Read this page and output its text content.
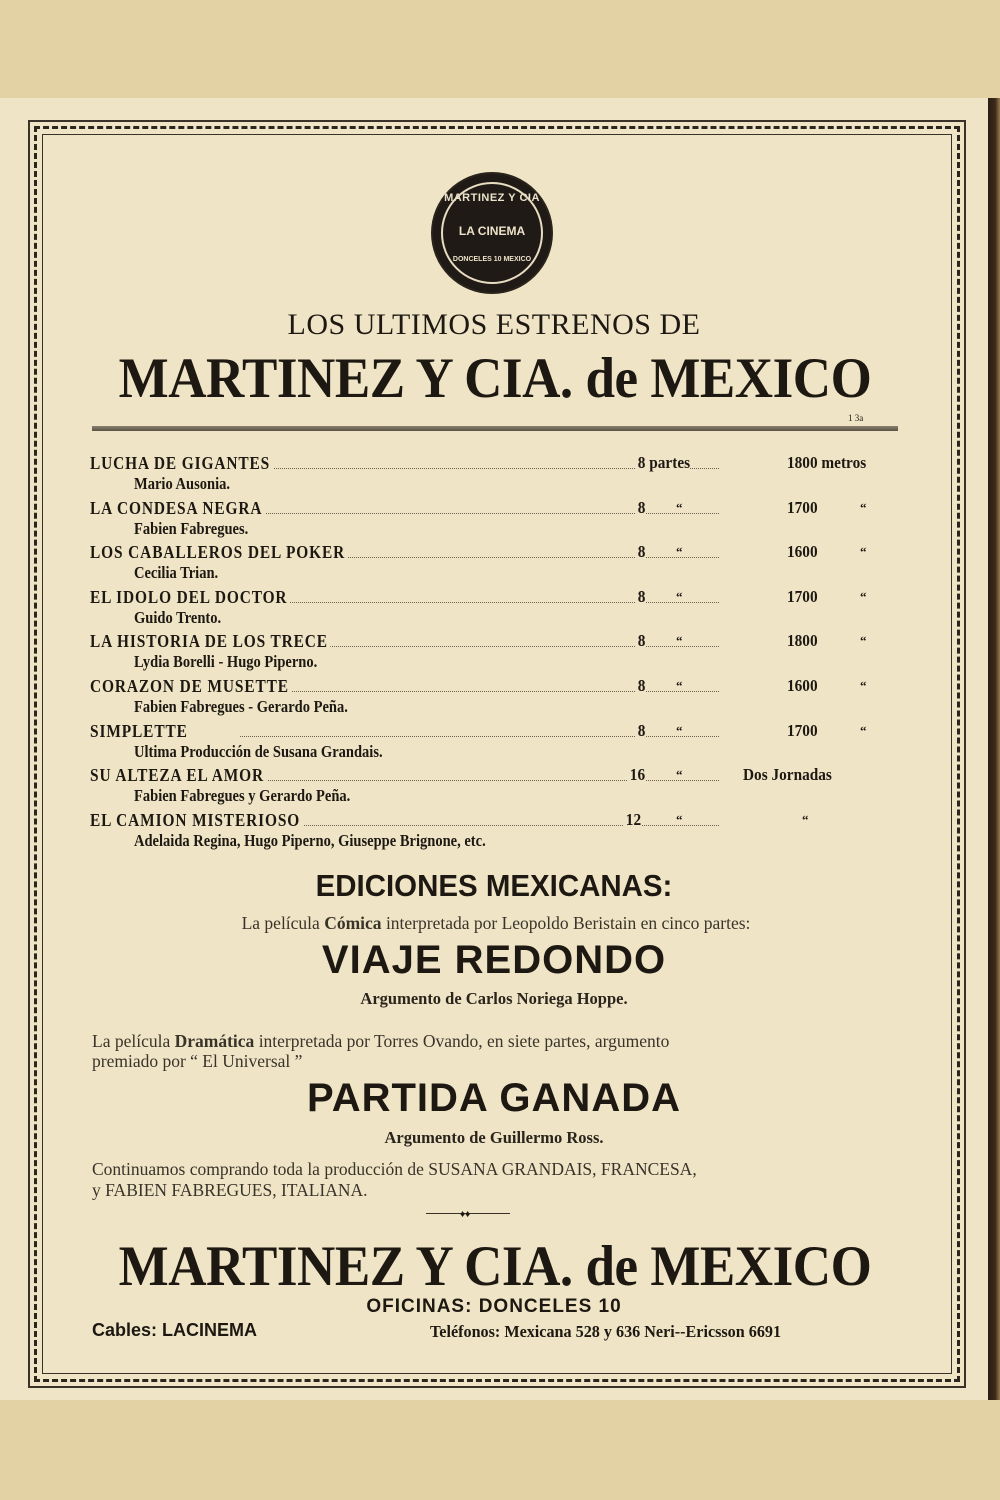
MARTINEZ Y CIA
LA CINEMA
DONCELES 10 MEXICO
LOS ULTIMOS ESTRENOS DE
MARTINEZ Y CIA. de MEXICO
1 3a
LUCHA DE GIGANTES	8 partes	1800 metros
Mario Ausonia.
LA CONDESA NEGRA	8 “	1700	“
Fabien Fabregues.
LOS CABALLEROS DEL POKER	8 “	1600	“
Cecilia Trian.
EL IDOLO DEL DOCTOR	8 “	1700	“
Guido Trento.
LA HISTORIA DE LOS TRECE	8 “	1800	“
Lydia Borelli - Hugo Piperno.
CORAZON DE MUSETTE	8 “	1600	“
Fabien Fabregues - Gerardo Peña.
SIMPLETTE	8 “	1700	“
Ultima Producción de Susana Grandais.
SU ALTEZA EL AMOR	16 “	Dos Jornadas
Fabien Fabregues y Gerardo Peña.
EL CAMION MISTERIOSO	12	“	“
Adelaida Regina, Hugo Piperno, Giuseppe Brignone, etc.
EDICIONES MEXICANAS:
La película Cómica interpretada por Leopoldo Beristain en cinco partes:
VIAJE REDONDO
Argumento de Carlos Noriega Hoppe.
La película Dramática interpretada por Torres Ovando, en siete partes, argumento
premiado por “ El Universal ”
PARTIDA GANADA
Argumento de Guillermo Ross.
Continuamos comprando toda la producción de SUSANA GRANDAIS, FRANCESA,
y FABIEN FABREGUES, ITALIANA.
♦♦
MARTINEZ Y CIA. de MEXICO
OFICINAS: DONCELES 10
Cables: LACINEMA	Teléfonos: Mexicana 528 y 636 Neri--Ericsson 6691
